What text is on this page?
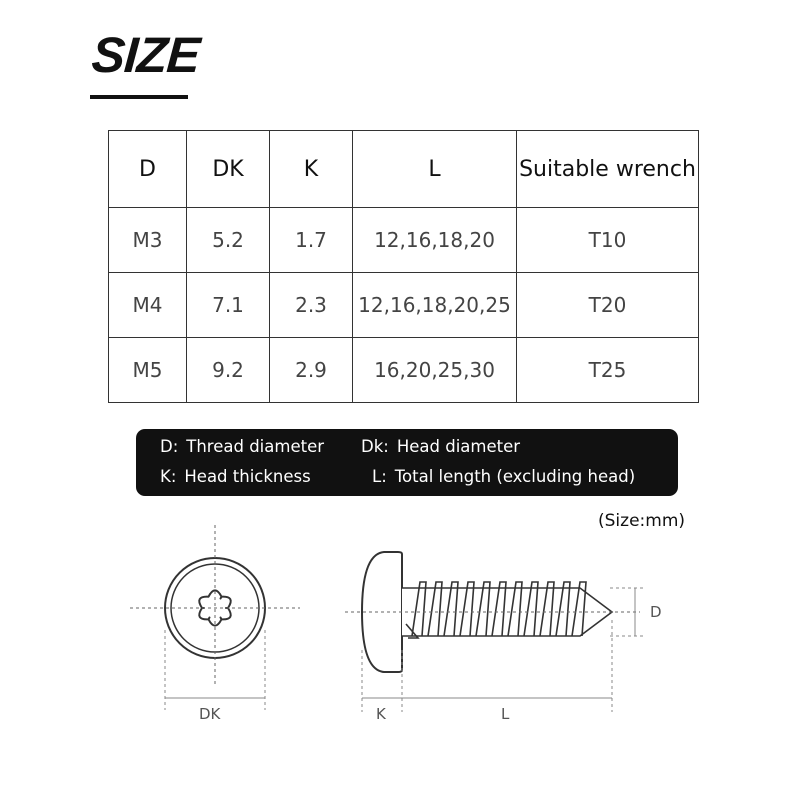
SIZE
D	DK	K	L	Suitable wrench
M3	5.2	1.7	12,16,18,20	T10
M4	7.1	2.3	12,16,18,20,25	T20
M5	9.2	2.9	16,20,25,30	T25
D: Thread diameter Dk: Head diameter
K: Head thickness	L: Total length (excluding head)
(Size:mm)
DK
D
K	L
